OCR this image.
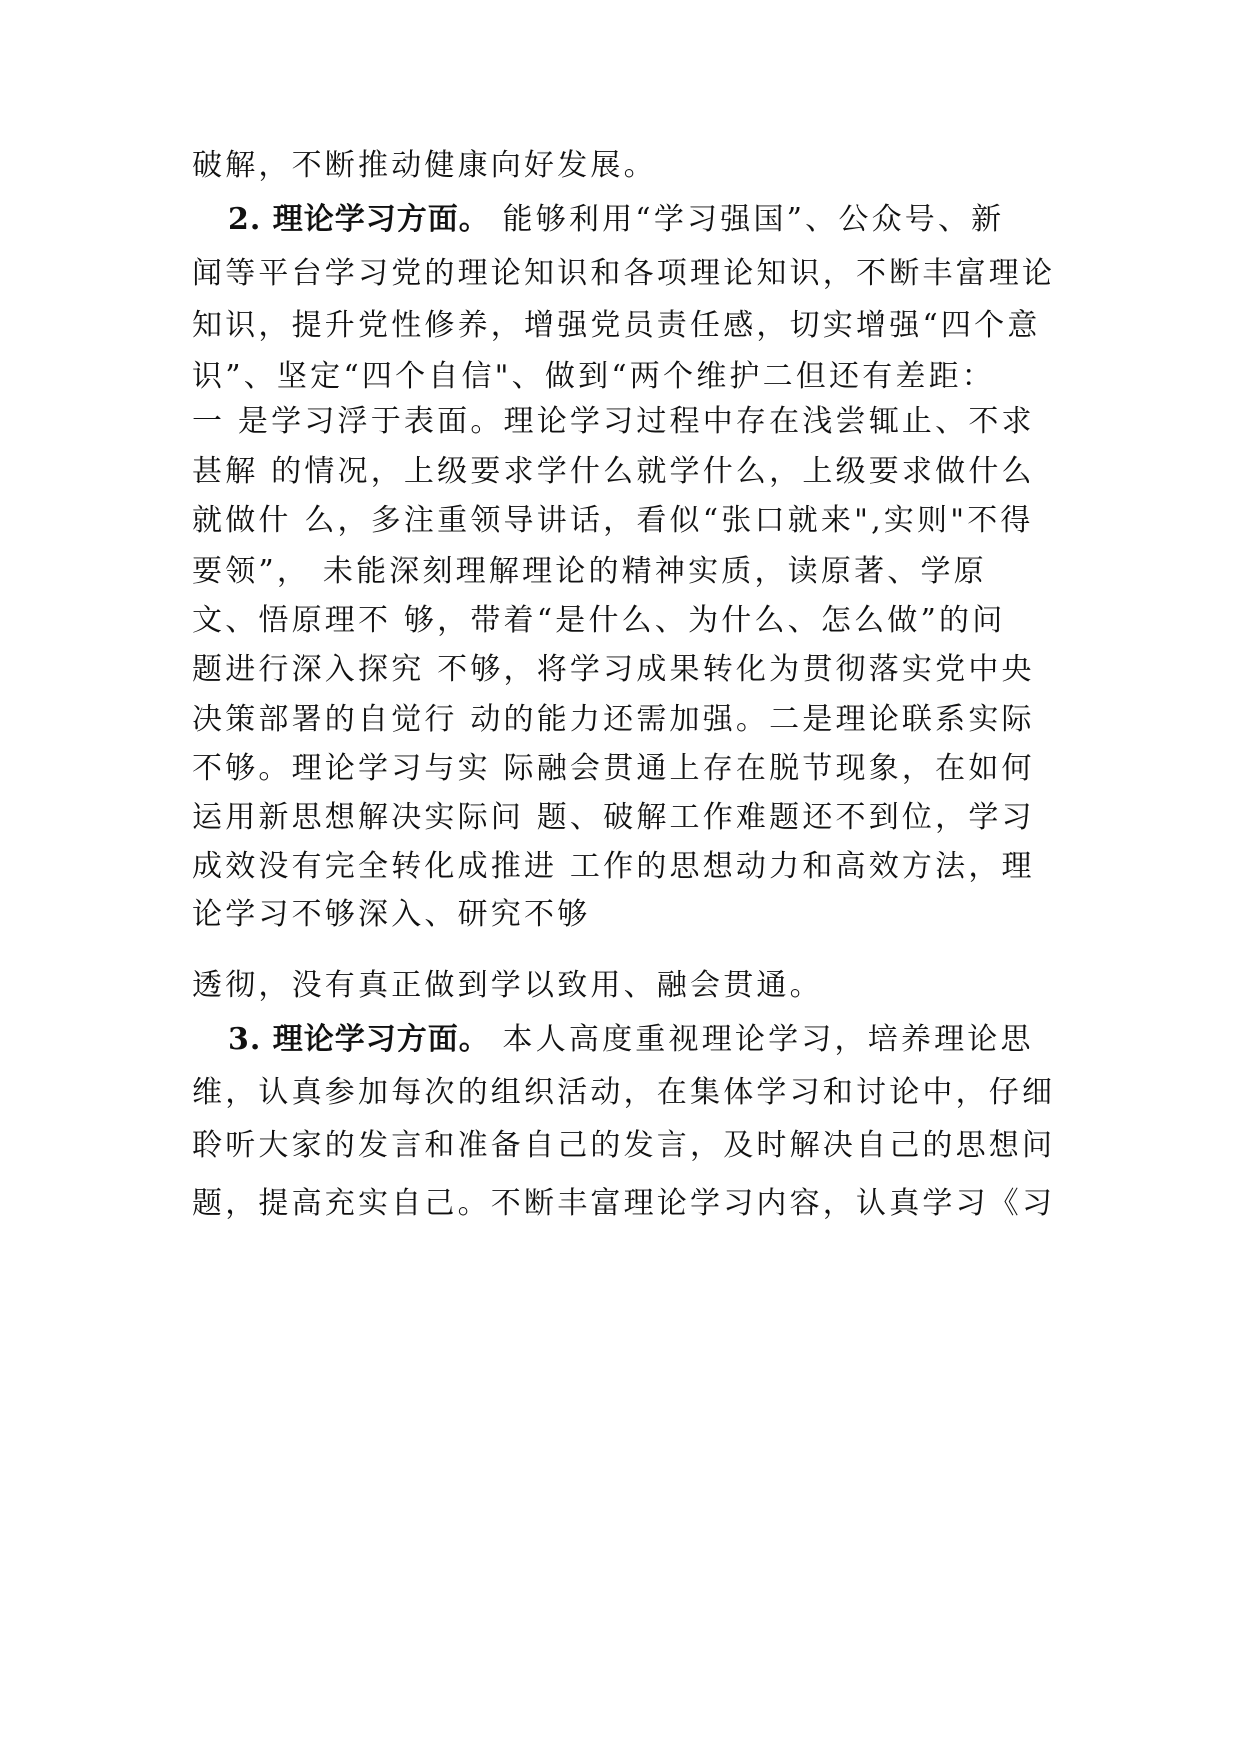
破解，不断推动健康向好发展。
2. 理论学习方面。 能够利用“学习强国”、公众号、新
闻等平台学习党的理论知识和各项理论知识，不断丰富理论
知识，提升党性修养，增强党员责任感，切实增强“四个意
识”、坚定“四个自信"、做到“两个维护二但还有差距：
一 是学习浮于表面。理论学习过程中存在浅尝辄止、不求
甚解 的情况，上级要求学什么就学什么，上级要求做什么
就做什 么，多注重领导讲话，看似“张口就来",实则"不得
要领”， 未能深刻理解理论的精神实质，读原著、学原
文、悟原理不 够，带着“是什么、为什么、怎么做”的问
题进行深入探究 不够，将学习成果转化为贯彻落实党中央
决策部署的自觉行 动的能力还需加强。二是理论联系实际
不够。理论学习与实 际融会贯通上存在脱节现象，在如何
运用新思想解决实际问 题、破解工作难题还不到位，学习
成效没有完全转化成推进 工作的思想动力和高效方法，理
论学习不够深入、研究不够
透彻，没有真正做到学以致用、融会贯通。
3. 理论学习方面。 本人高度重视理论学习，培养理论思
维，认真参加每次的组织活动，在集体学习和讨论中，仔细
聆听大家的发言和准备自己的发言，及时解决自己的思想问
题，提高充实自己。不断丰富理论学习内容，认真学习《习
